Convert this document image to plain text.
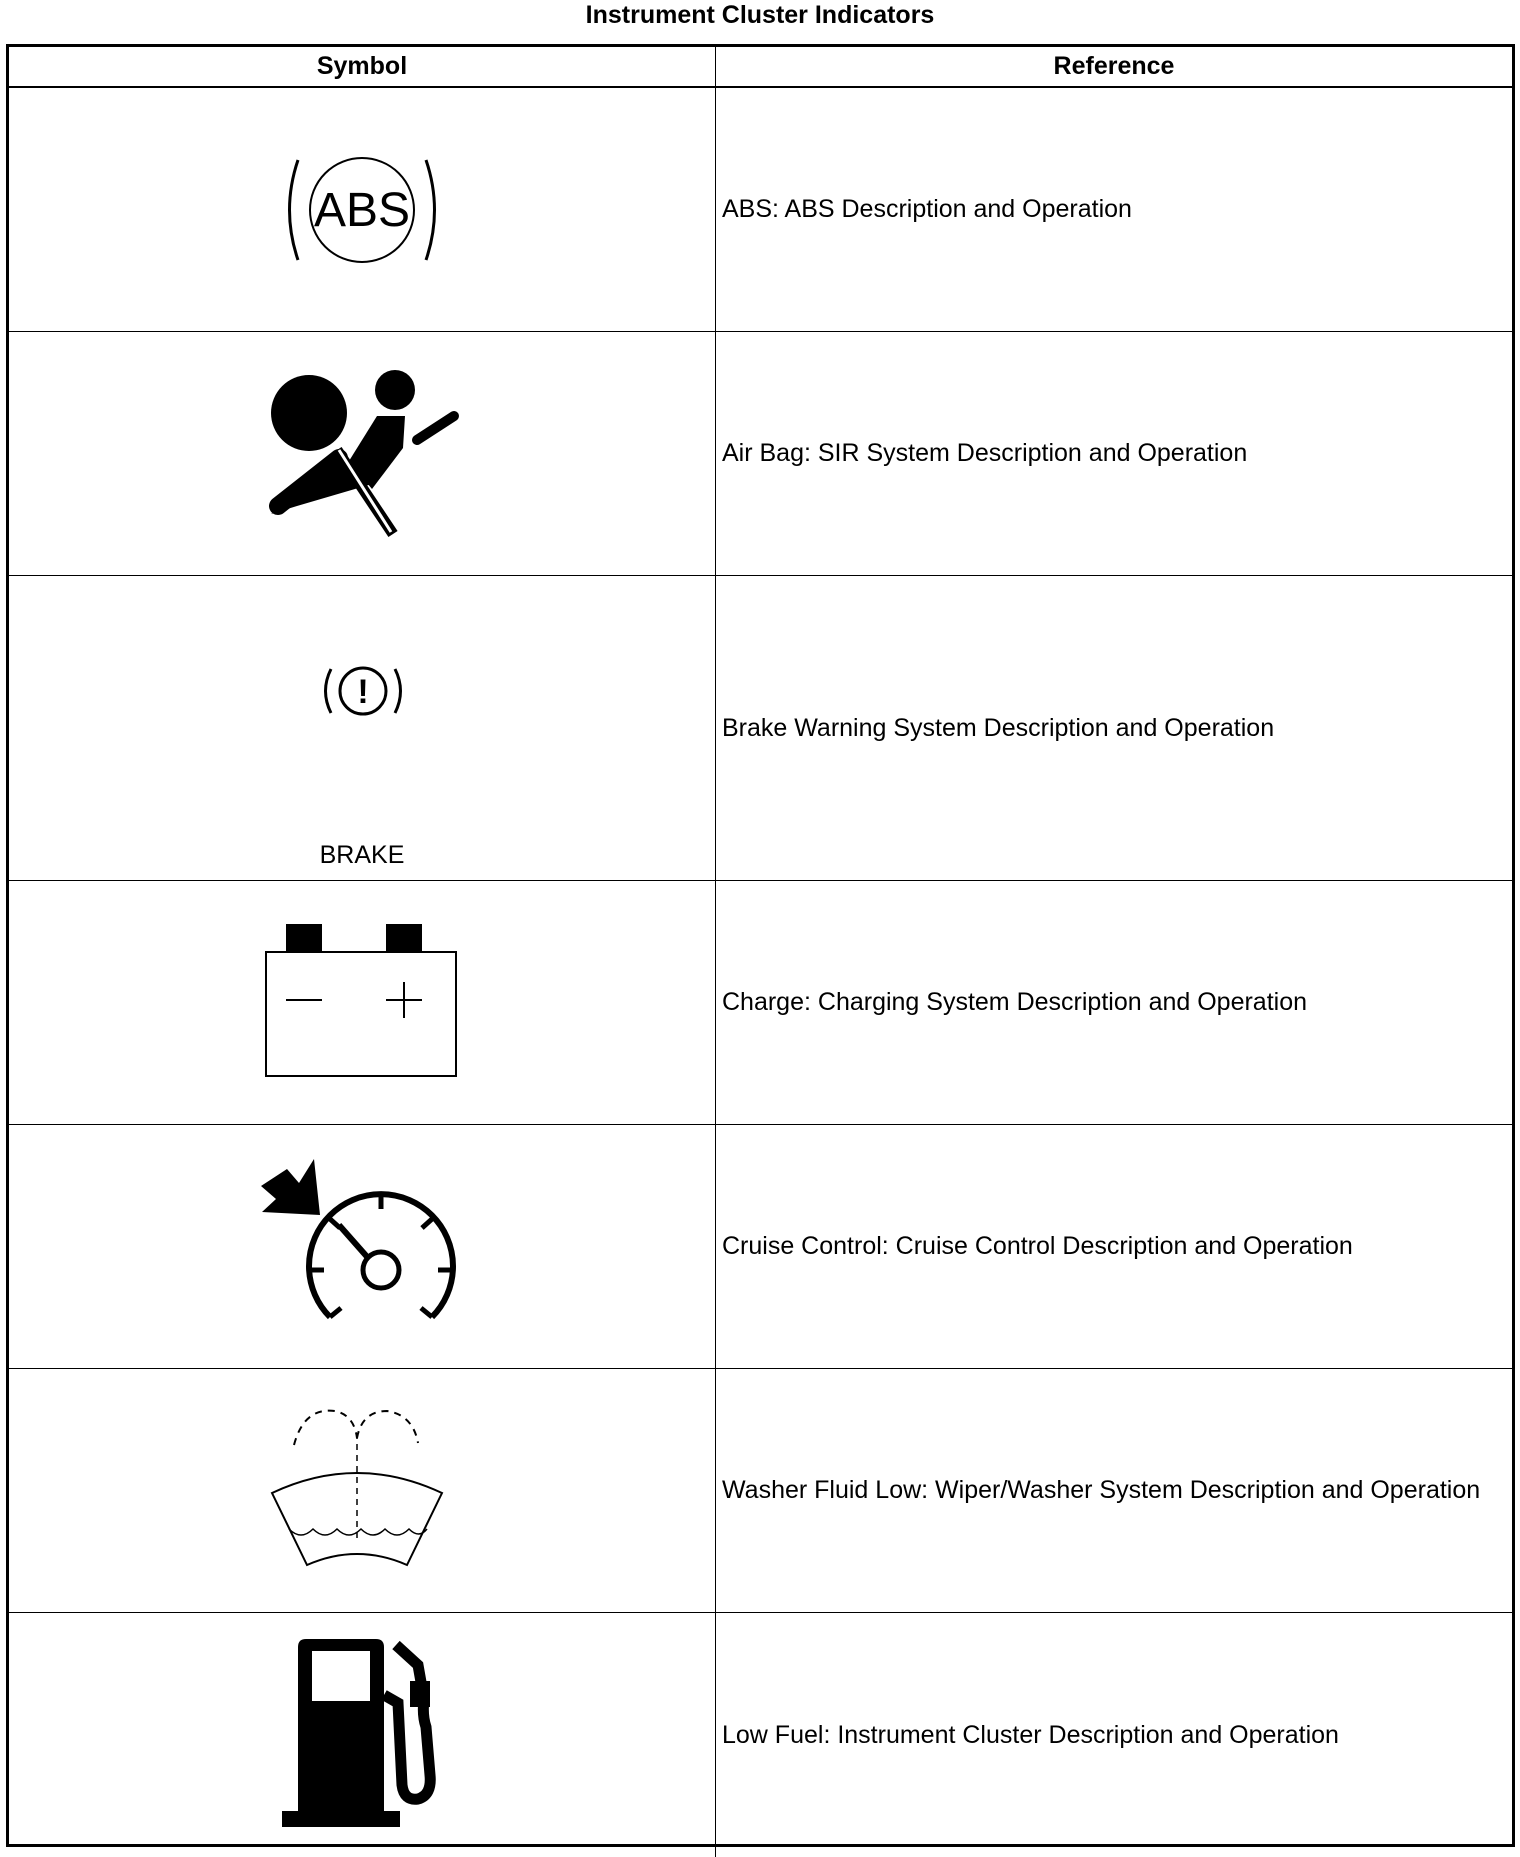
Instrument Cluster Indicators
Symbol	Reference
ABS	ABS: ABS Description and Operation
Air Bag: SIR System Description and Operation
!
BRAKE
Brake Warning System Description and Operation
Charge: Charging System Description and Operation
Cruise Control: Cruise Control Description and Operation
Washer Fluid Low: Wiper/Washer System Description and Operation
Low Fuel: Instrument Cluster Description and Operation
